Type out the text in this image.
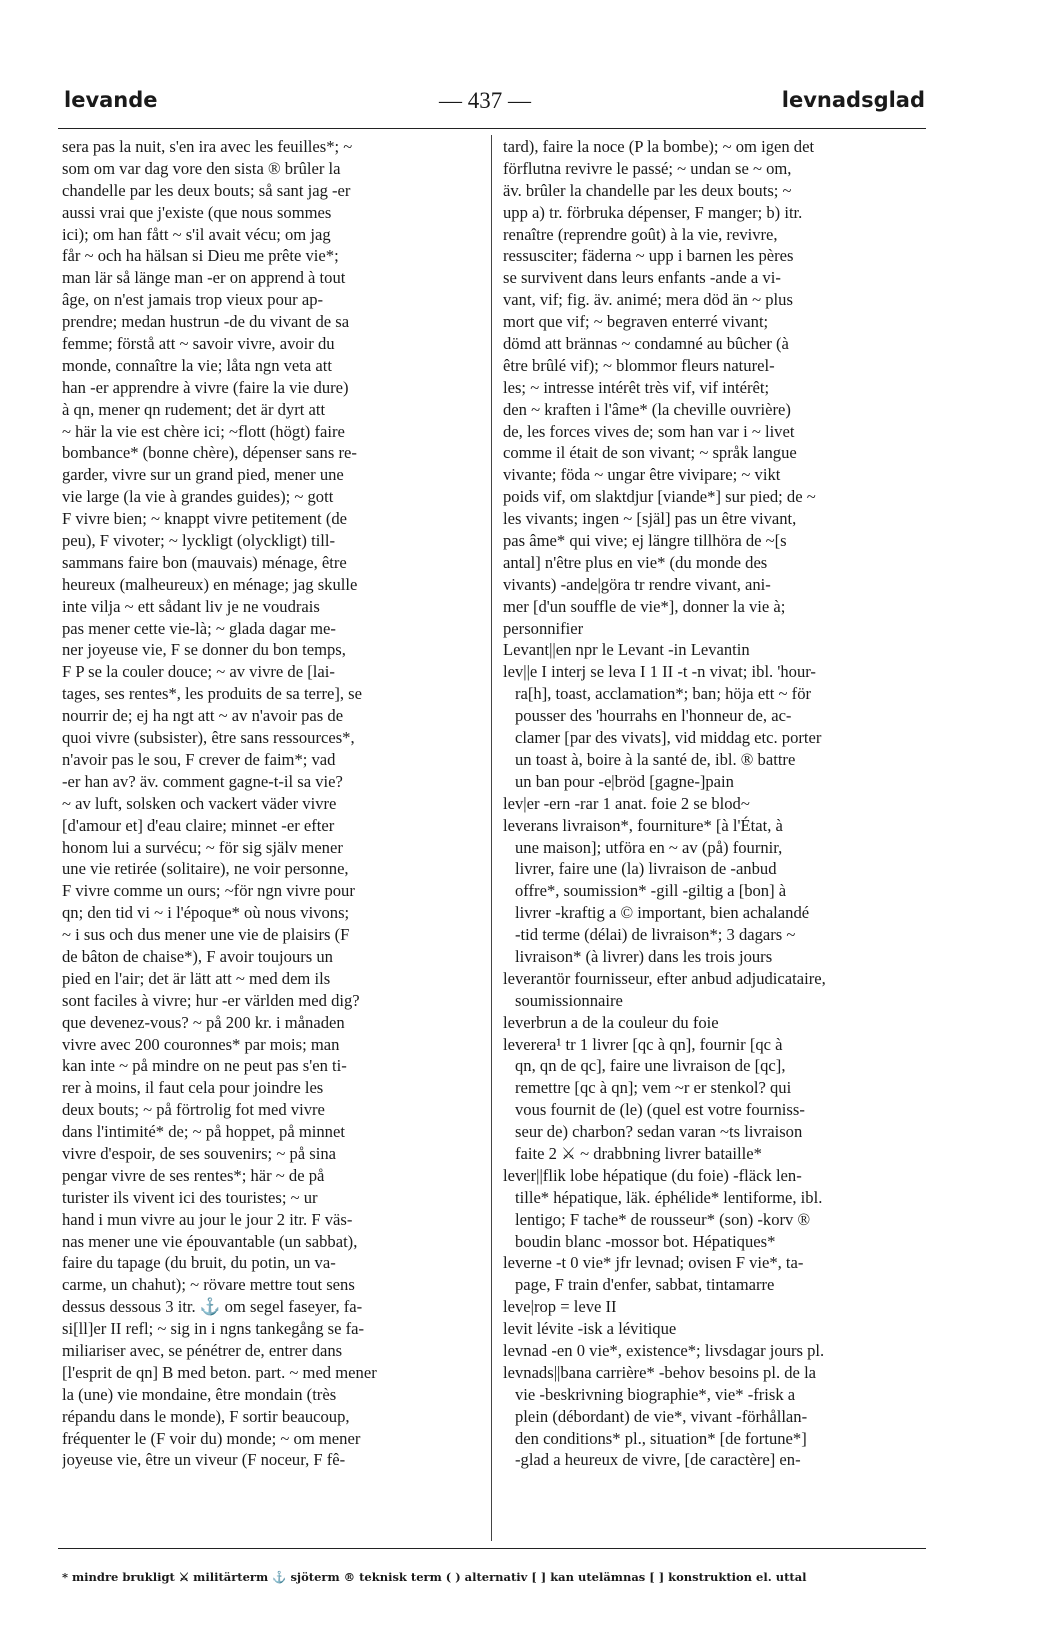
levande	— 437 —	levnadsglad
sera pas la nuit, s'en ira avec les feuilles*; ~
som om var dag vore den sista ® brûler la
chandelle par les deux bouts; så sant jag -er
aussi vrai que j'existe (que nous sommes
ici); om han fått ~ s'il avait vécu; om jag
får ~ och ha hälsan si Dieu me prête vie*;
man lär så länge man -er on apprend à tout
âge, on n'est jamais trop vieux pour ap-
prendre; medan hustrun -de du vivant de sa
femme; förstå att ~ savoir vivre, avoir du
monde, connaître la vie; låta ngn veta att
han -er apprendre à vivre (faire la vie dure)
à qn, mener qn rudement; det är dyrt att
~ här la vie est chère ici; ~flott (högt) faire
bombance* (bonne chère), dépenser sans re-
garder, vivre sur un grand pied, mener une
vie large (la vie à grandes guides); ~ gott
F vivre bien; ~ knappt vivre petitement (de
peu), F vivoter; ~ lyckligt (olyckligt) till-
sammans faire bon (mauvais) ménage, être
heureux (malheureux) en ménage; jag skulle
inte vilja ~ ett sådant liv je ne voudrais
pas mener cette vie-là; ~ glada dagar me-
ner joyeuse vie, F se donner du bon temps,
F P se la couler douce; ~ av vivre de [lai-
tages, ses rentes*, les produits de sa terre], se
nourrir de; ej ha ngt att ~ av n'avoir pas de
quoi vivre (subsister), être sans ressources*,
n'avoir pas le sou, F crever de faim*; vad
-er han av? äv. comment gagne-t-il sa vie?
~ av luft, solsken och vackert väder vivre
[d'amour et] d'eau claire; minnet -er efter
honom lui a survécu; ~ för sig själv mener
une vie retirée (solitaire), ne voir personne,
F vivre comme un ours; ~för ngn vivre pour
qn; den tid vi ~ i l'époque* où nous vivons;
~ i sus och dus mener une vie de plaisirs (F
de bâton de chaise*), F avoir toujours un
pied en l'air; det är lätt att ~ med dem ils
sont faciles à vivre; hur -er världen med dig?
que devenez-vous? ~ på 200 kr. i månaden
vivre avec 200 couronnes* par mois; man
kan inte ~ på mindre on ne peut pas s'en ti-
rer à moins, il faut cela pour joindre les
deux bouts; ~ på förtrolig fot med vivre
dans l'intimité* de; ~ på hoppet, på minnet
vivre d'espoir, de ses souvenirs; ~ på sina
pengar vivre de ses rentes*; här ~ de på
turister ils vivent ici des touristes; ~ ur
hand i mun vivre au jour le jour 2 itr. F väs-
nas mener une vie épouvantable (un sabbat),
faire du tapage (du bruit, du potin, un va-
carme, un chahut); ~ rövare mettre tout sens
dessus dessous 3 itr. ⚓ om segel faseyer, fa-
si[ll]er II refl; ~ sig in i ngns tankegång se fa-
miliariser avec, se pénétrer de, entrer dans
[l'esprit de qn] B med beton. part. ~ med mener
la (une) vie mondaine, être mondain (très
répandu dans le monde), F sortir beaucoup,
fréquenter le (F voir du) monde; ~ om mener
joyeuse vie, être un viveur (F noceur, F fê-
tard), faire la noce (P la bombe); ~ om igen det
förflutna revivre le passé; ~ undan se ~ om,
äv. brûler la chandelle par les deux bouts; ~
upp a) tr. förbruka dépenser, F manger; b) itr.
renaître (reprendre goût) à la vie, revivre,
ressusciter; fäderna ~ upp i barnen les pères
se survivent dans leurs enfants -ande a vi-
vant, vif; fig. äv. animé; mera död än ~ plus
mort que vif; ~ begraven enterré vivant;
dömd att brännas ~ condamné au bûcher (à
être brûlé vif); ~ blommor fleurs naturel-
les; ~ intresse intérêt très vif, vif intérêt;
den ~ kraften i l'âme* (la cheville ouvrière)
de, les forces vives de; som han var i ~ livet
comme il était de son vivant; ~ språk langue
vivante; föda ~ ungar être vivipare; ~ vikt
poids vif, om slaktdjur [viande*] sur pied; de ~
les vivants; ingen ~ [själ] pas un être vivant,
pas âme* qui vive; ej längre tillhöra de ~[s
antal] n'être plus en vie* (du monde des
vivants) -ande|göra tr rendre vivant, ani-
mer [d'un souffle de vie*], donner la vie à;
personnifier
Levant||en npr le Levant -in Levantin
lev||e I interj se leva I 1 II -t -n vivat; ibl. 'hour-
ra[h], toast, acclamation*; ban; höja ett ~ för
pousser des 'hourrahs en l'honneur de, ac-
clamer [par des vivats], vid middag etc. porter
un toast à, boire à la santé de, ibl. ® battre
un ban pour -e|bröd [gagne-]pain
lev|er -ern -rar 1 anat. foie 2 se blod~
leverans livraison*, fourniture* [à l'État, à
une maison]; utföra en ~ av (på) fournir,
livrer, faire une (la) livraison de -anbud
offre*, soumission* -gill -giltig a [bon] à
livrer -kraftig a © important, bien achalandé
-tid terme (délai) de livraison*; 3 dagars ~
livraison* (à livrer) dans les trois jours
leverantör fournisseur, efter anbud adjudicataire,
soumissionnaire
leverbrun a de la couleur du foie
leverera¹ tr 1 livrer [qc à qn], fournir [qc à
qn, qn de qc], faire une livraison de [qc],
remettre [qc à qn]; vem ~r er stenkol? qui
vous fournit de (le) (quel est votre fourniss-
seur de) charbon? sedan varan ~ts livraison
faite 2 ⚔ ~ drabbning livrer bataille*
lever||flik lobe hépatique (du foie) -fläck len-
tille* hépatique, läk. éphélide* lentiforme, ibl.
lentigo; F tache* de rousseur* (son) -korv ®
boudin blanc -mossor bot. Hépatiques*
leverne -t 0 vie* jfr levnad; ovisen F vie*, ta-
page, F train d'enfer, sabbat, tintamarre
leve|rop = leve II
levit lévite -isk a lévitique
levnad -en 0 vie*, existence*; livsdagar jours pl.
levnads||bana carrière* -behov besoins pl. de la
vie -beskrivning biographie*, vie* -frisk a
plein (débordant) de vie*, vivant -förhållan-
den conditions* pl., situation* [de fortune*]
-glad a heureux de vivre, [de caractère] en-
* mindre brukligt ⚔ militärterm ⚓ sjöterm ® teknisk term ( ) alternativ [ ] kan utelämnas [ ] konstruktion el. uttal
